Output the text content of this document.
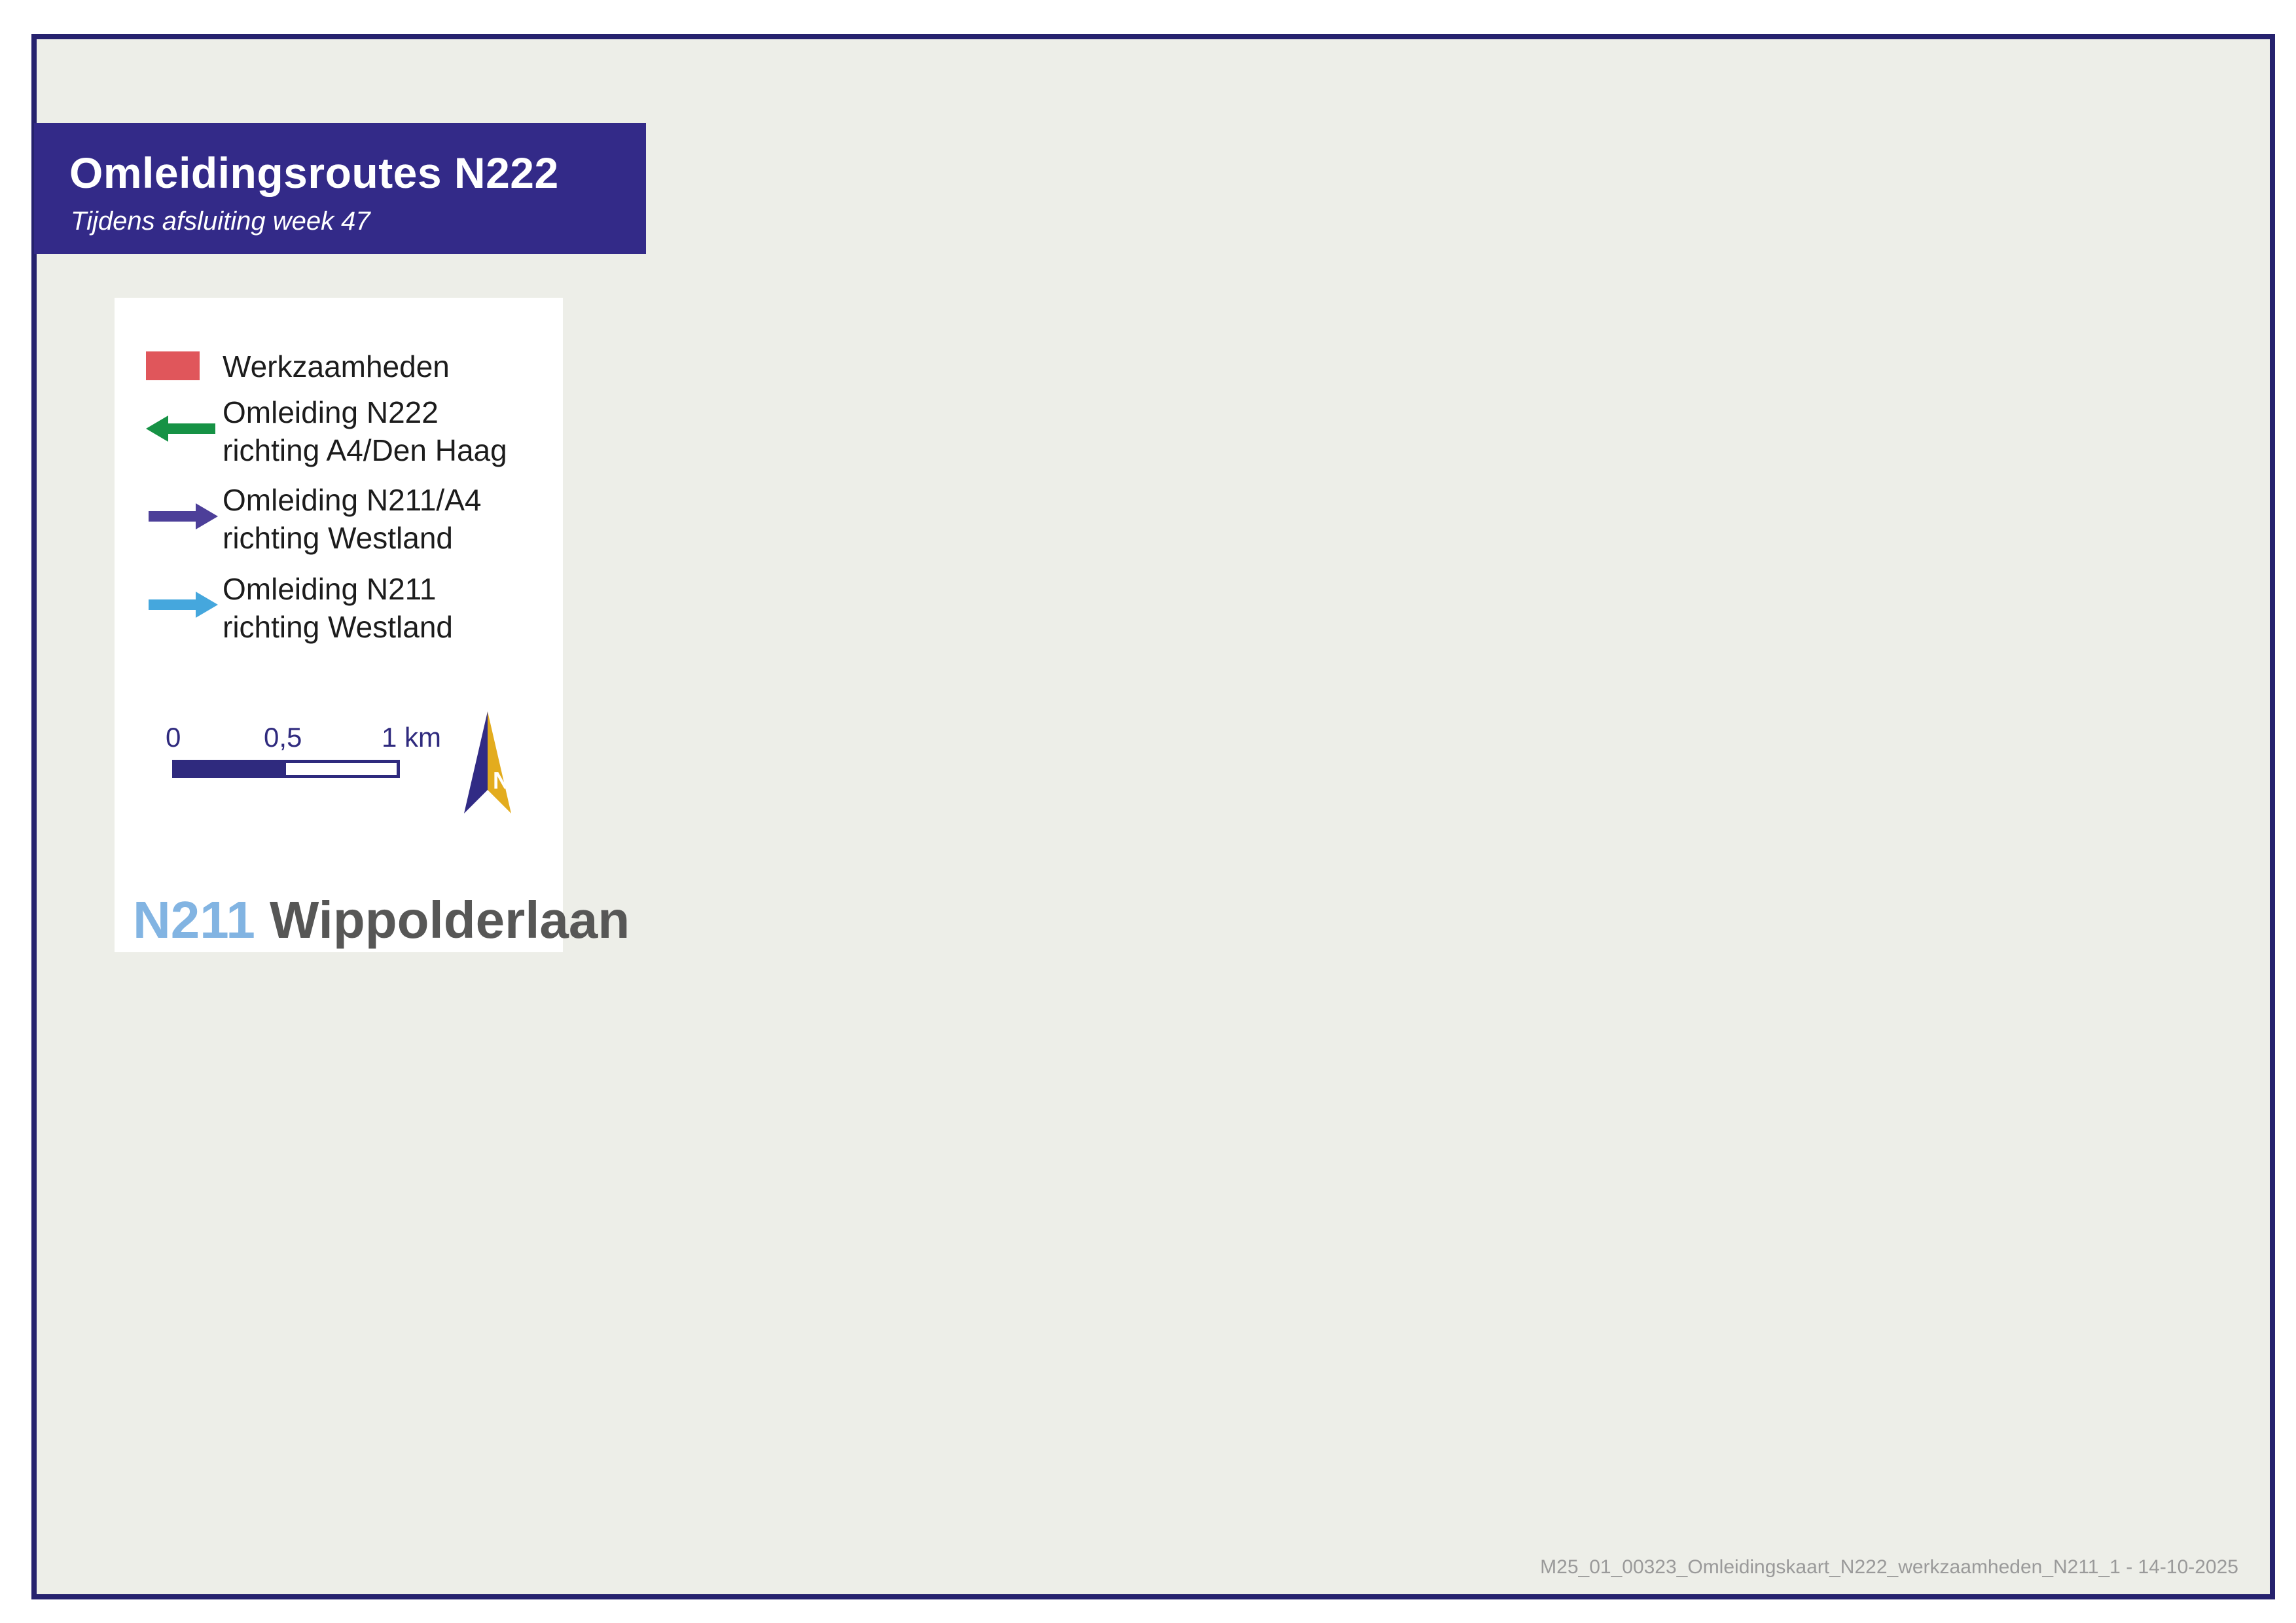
Omleidingsroutes N222
Tijdens afsluiting week 47
Werkzaamheden
Omleiding N222
richting A4/Den Haag
Omleiding N211/A4
richting Westland
Omleiding N211
richting Westland
0	0,5	1 km
N
N211 Wippolderlaan
M25_01_00323_Omleidingskaart_N222_werkzaamheden_N211_1 - 14-10-2025
